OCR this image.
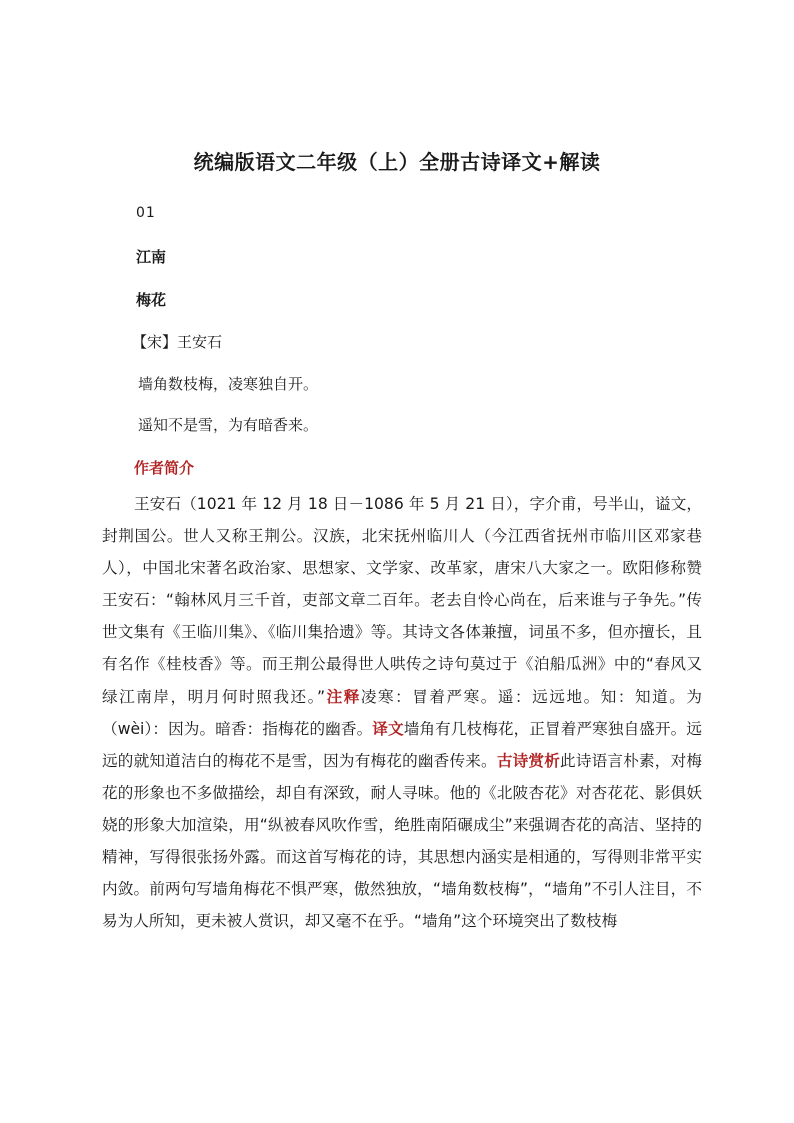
统编版语文二年级（上）全册古诗译文+解读
01
江南
梅花
【宋】王安石
墙角数枝梅，凌寒独自开。
遥知不是雪，为有暗香来。
作者简介

王安石（1021 年 12 月 18 日－1086 年 5 月 21 日），字介甫，号半山，谥文，封荆国公。世人又称王荆公。汉族，北宋抚州临川人（今江西省抚州市临川区邓家巷人），中国北宋著名政治家、思想家、文学家、改革家，唐宋八大家之一。欧阳修称赞王安石：“翰林风月三千首，吏部文章二百年。老去自怜心尚在，后来谁与子争先。”传世文集有《王临川集》、《临川集拾遗》等。其诗文各体兼擅，词虽不多，但亦擅长，且有名作《桂枝香》等。而王荆公最得世人哄传之诗句莫过于《泊船瓜洲》中的“春风又绿江南岸，明月何时照我还。”注释凌寒：冒着严寒。遥：远远地。知：知道。为（wèi）：因为。暗香：指梅花的幽香。译文墙角有几枝梅花，正冒着严寒独自盛开。远远的就知道洁白的梅花不是雪，因为有梅花的幽香传来。古诗赏析此诗语言朴素，对梅花的形象也不多做描绘，却自有深致，耐人寻味。他的《北陂杏花》对杏花花、影俱妖娆的形象大加渲染，用“纵被春风吹作雪，绝胜南陌碾成尘”来强调杏花的高洁、坚持的精神，写得很张扬外露。而这首写梅花的诗，其思想内涵实是相通的，写得则非常平实内敛。前两句写墙角梅花不惧严寒，傲然独放，“墙角数枝梅”，“墙角”不引人注目，不易为人所知，更未被人赏识，却又毫不在乎。“墙角”这个环境突出了数枝梅
